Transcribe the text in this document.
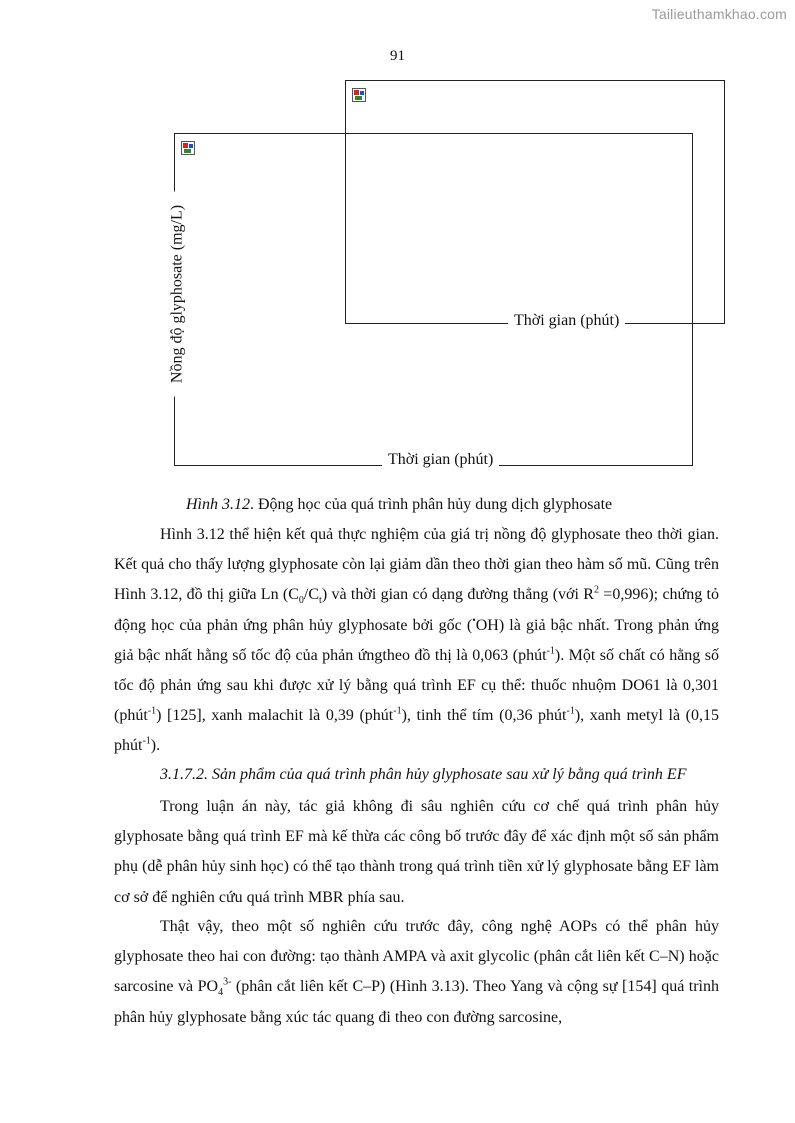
Tailieuthamkhao.com
91
Thời gian (phút)
Thời gian (phút)
Nồng độ glyphosate (mg/L)
Hình 3.12. Động học của quá trình phân hủy dung dịch glyphosate

Hình 3.12 thể hiện kết quả thực nghiệm của giá trị nồng độ glyphosate theo thời gian. Kết quả cho thấy lượng glyphosate còn lại giảm dần theo thời gian theo hàm số mũ. Cũng trên Hình 3.12, đồ thị giữa Ln $(C_0/C_t)$ và thời gian có dạng đường thẳng (với $R^2 =0,996$); chứng tỏ động học của phản ứng phân hủy glyphosate bởi gốc (•OH) là giả bậc nhất. Trong phản ứng giả bậc nhất hằng số tốc độ của phản ứngtheo đồ thị là 0,063 (phút$^{-1}$). Một số chất có hằng số tốc độ phản ứng sau khi được xử lý bằng quá trình EF cụ thể: thuốc nhuộm DO61 là 0,301 (phút$^{-1}$) [125], xanh malachit là 0,39 (phút$^{-1}$), tinh thể tím (0,36 phút$^{-1}$), xanh metyl là (0,15 phút$^{-1}$).

3.1.7.2. Sản phẩm của quá trình phân hủy glyphosate sau xử lý bằng quá trình EF

Trong luận án này, tác giả không đi sâu nghiên cứu cơ chế quá trình phân hủy glyphosate bằng quá trình EF mà kế thừa các công bố trước đây để xác định một số sản phẩm phụ (dễ phân hủy sinh học) có thể tạo thành trong quá trình tiền xử lý glyphosate bằng EF làm cơ sở để nghiên cứu quá trình MBR phía sau.

Thật vậy, theo một số nghiên cứu trước đây, công nghệ AOPs có thể phân hủy glyphosate theo hai con đường: tạo thành AMPA và axit glycolic (phân cắt liên kết C–N) hoặc sarcosine và $PO_4^{3-}$ (phân cắt liên kết C–P) (Hình 3.13). Theo Yang và cộng sự [154] quá trình phân hủy glyphosate bằng xúc tác quang đi theo con đường sarcosine,
